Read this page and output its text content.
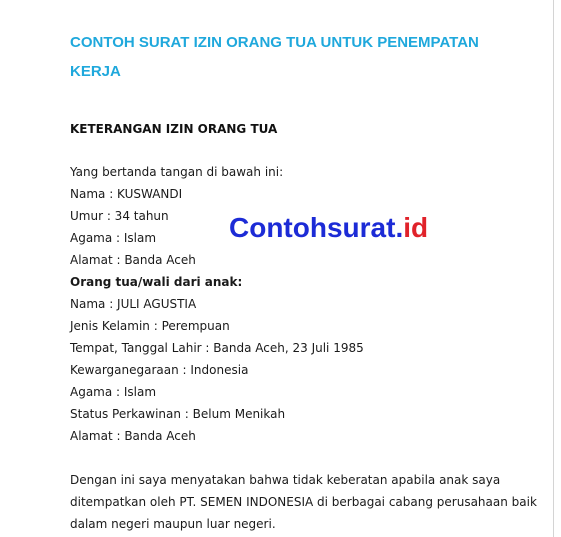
CONTOH SURAT IZIN ORANG TUA UNTUK PENEMPATAN KERJA
KETERANGAN IZIN ORANG TUA
Yang bertanda tangan di bawah ini:
Nama : KUSWANDI
Umur : 34 tahun
Agama : Islam
Alamat : Banda Aceh
Orang tua/wali dari anak:
Nama : JULI AGUSTIA
Jenis Kelamin : Perempuan
Tempat, Tanggal Lahir : Banda Aceh, 23 Juli 1985
Kewarganegaraan : Indonesia
Agama : Islam
Status Perkawinan : Belum Menikah
Alamat : Banda Aceh
Dengan ini saya menyatakan bahwa tidak keberatan apabila anak saya
ditempatkan oleh PT. SEMEN INDONESIA di berbagai cabang perusahaan baik
dalam negeri maupun luar negeri.
Contohsurat.id
